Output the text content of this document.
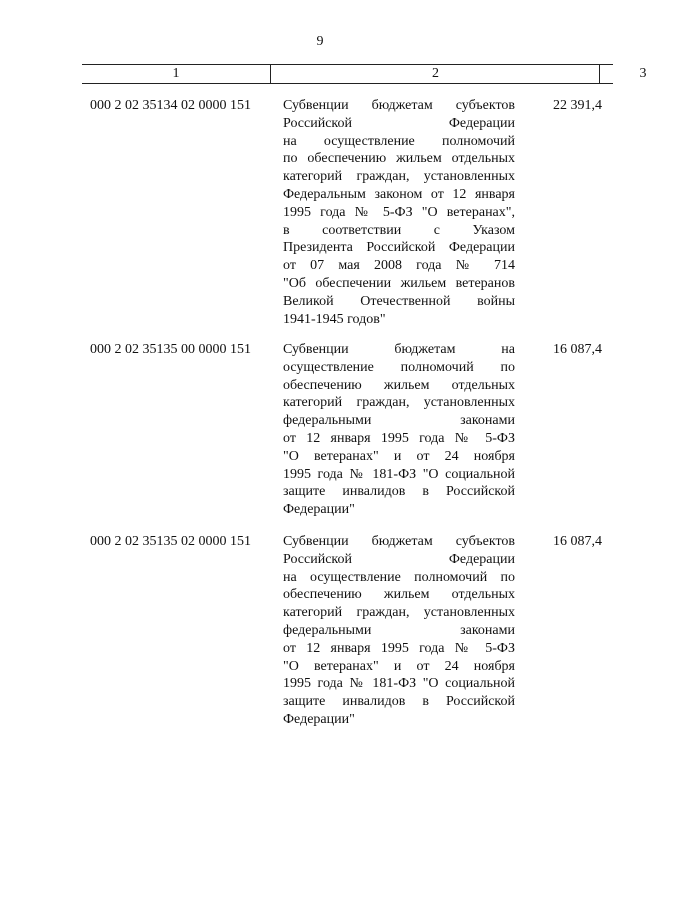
9
1	2	3
000 2 02 35134 02 0000 151 Субвенции бюджетам субъектов
Российской Федерации
на осуществление полномочий
по обеспечению жильем отдельных
категорий граждан, установленных
Федеральным законом от 12 января
1995 года № 5-ФЗ "О ветеранах",
в соответствии с Указом
Президента Российской Федерации
от 07 мая 2008 года № 714
"Об обеспечении жильем ветеранов
Великой Отечественной войны
1941-1945 годов"
22 391,4
000 2 02 35135 00 0000 151 Субвенции бюджетам на
осуществление полномочий по
обеспечению жильем отдельных
категорий граждан, установленных
федеральными законами
от 12 января 1995 года № 5-ФЗ
"О ветеранах" и от 24 ноября
1995 года № 181-ФЗ "О социальной
защите инвалидов в Российской
Федерации"
16 087,4
000 2 02 35135 02 0000 151 Субвенции бюджетам субъектов
Российской Федерации
на осуществление полномочий по
обеспечению жильем отдельных
категорий граждан, установленных
федеральными законами
от 12 января 1995 года № 5-ФЗ
"О ветеранах" и от 24 ноября
1995 года № 181-ФЗ "О социальной
защите инвалидов в Российской
Федерации"
16 087,4
